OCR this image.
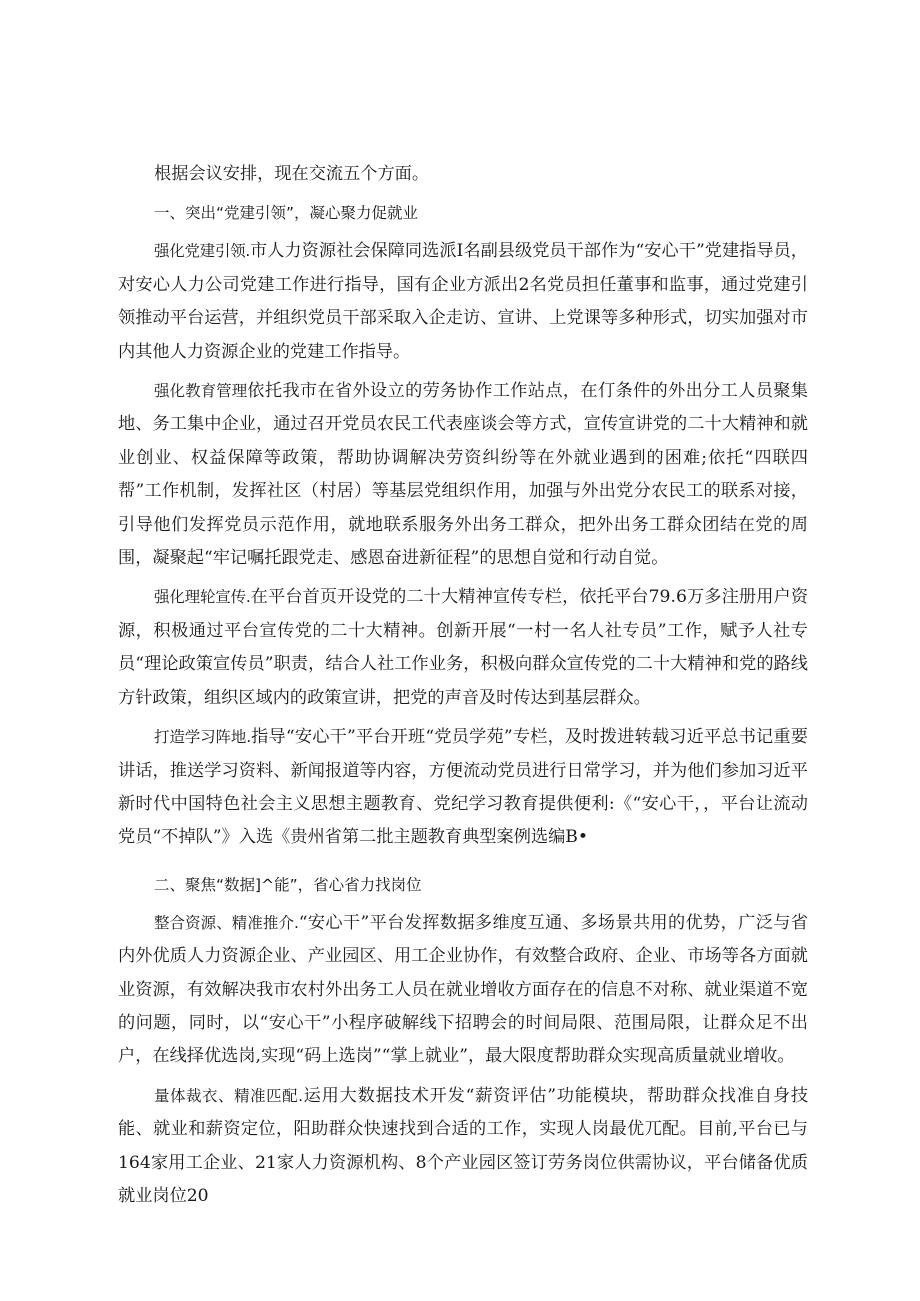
根据会议安排，现在交流五个方面。

一、突出“党建引领”，凝心聚力促就业

强化党建引领.市人力资源社会保障同选派I名副县级党员干部作为“安心干”党建指导员，对安心人力公司党建工作进行指导，国有企业方派出2名党员担任董事和监事，通过党建引领推动平台运营，并组织党员干部采取入企走访、宣讲、上党课等多种形式，切实加强对市内其他人力资源企业的党建工作指导。

强化教育管理依托我市在省外设立的劳务协作工作站点，在仃条件的外出分工人员聚集地、务工集中企业，通过召开党员农民工代表座谈会等方式，宣传宣讲党的二十大精神和就业创业、权益保障等政策，帮助协调解决劳资纠纷等在外就业遇到的困难;依托“四联四帮”工作机制，发挥社区（村居）等基层党组织作用，加强与外出党分农民工的联系对接，引导他们发挥党员示范作用，就地联系服务外出务工群众，把外出务工群众团结在党的周围，凝聚起“牢记嘱托跟党走、感恩奋进新征程”的思想自觉和行动自觉。

强化理轮宣传.在平台首页开设党的二十大精神宣传专栏，依托平台79.6万多注册用户资源，积极通过平台宣传党的二十大精神。创新开展“一村一名人社专员”工作，赋予人社专员“理论政策宣传员”职责，结合人社工作业务，积极向群众宣传党的二十大精神和党的路线方针政策，组织区域内的政策宣讲，把党的声音及时传达到基层群众。

打造学习阵地.指导“安心干”平台开班“党员学苑”专栏，及时拨进转载习近平总书记重要讲话，推送学习资料、新闻报道等内容，方便流动党员进行日常学习，并为他们参加习近平新时代中国特色社会主义思想主题教育、党纪学习教育提供便利:《“安心干，，平台让流动党员“不掉队”》入选《贵州省第二批主题教育典型案例选编B•

二、聚焦“数据]^能”，省心省力找岗位

整合资源、精准推介.“安心干”平台发挥数据多维度互通、多场景共用的优势，广泛与省内外优质人力资源企业、产业园区、用工企业协作，有效整合政府、企业、市场等各方面就业资源，有效解决我市农村外出务工人员在就业增收方面存在的信息不对称、就业渠道不宽的问题，同时，以“安心干”小程序破解线下招聘会的时间局限、范围局限，让群众足不出户，在线择优选岗,实现“码上选岗”“掌上就业”，最大限度帮助群众实现高质量就业增收。

量体裁衣、精准匹配.运用大数据技术开发“薪资评估”功能模块，帮助群众找准自身技能、就业和薪资定位，阳助群众快速找到合适的工作，实现人岗最优兀配。目前,平台已与164家用工企业、21家人力资源机构、8个产业园区签订劳务岗位供需协议，平台储备优质就业岗位20
